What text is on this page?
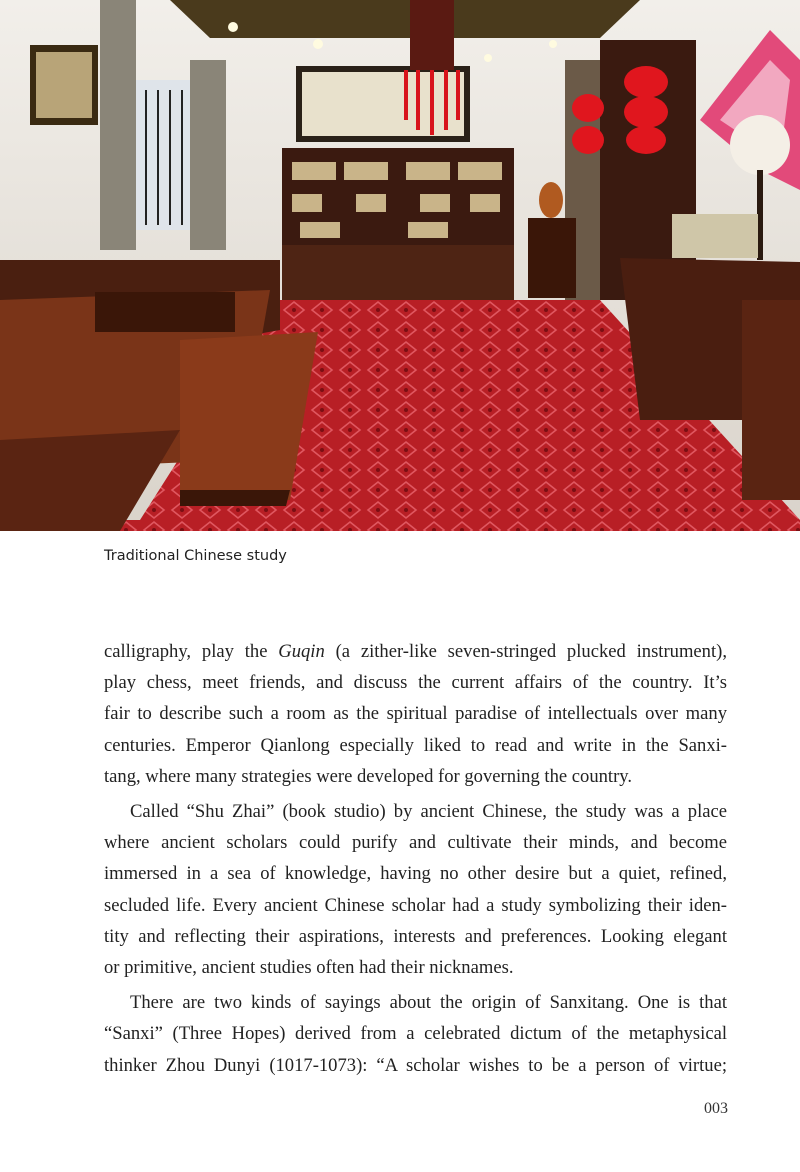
Traditional Chinese study

calligraphy, play the Guqin (a zither-like seven-stringed plucked instrument),
play chess, meet friends, and discuss the current affairs of the country. It’s
fair to describe such a room as the spiritual paradise of intellectuals over many
centuries. Emperor Qianlong especially liked to read and write in the Sanxi-
tang, where many strategies were developed for governing the country.

Called “Shu Zhai” (book studio) by ancient Chinese, the study was a place
where ancient scholars could purify and cultivate their minds, and become
immersed in a sea of knowledge, having no other desire but a quiet, refined,
secluded life. Every ancient Chinese scholar had a study symbolizing their iden-
tity and reflecting their aspirations, interests and preferences. Looking elegant
or primitive, ancient studies often had their nicknames.

There are two kinds of sayings about the origin of Sanxitang. One is that
“Sanxi” (Three Hopes) derived from a celebrated dictum of the metaphysical
thinker Zhou Dunyi (1017-1073): “A scholar wishes to be a person of virtue;

003
